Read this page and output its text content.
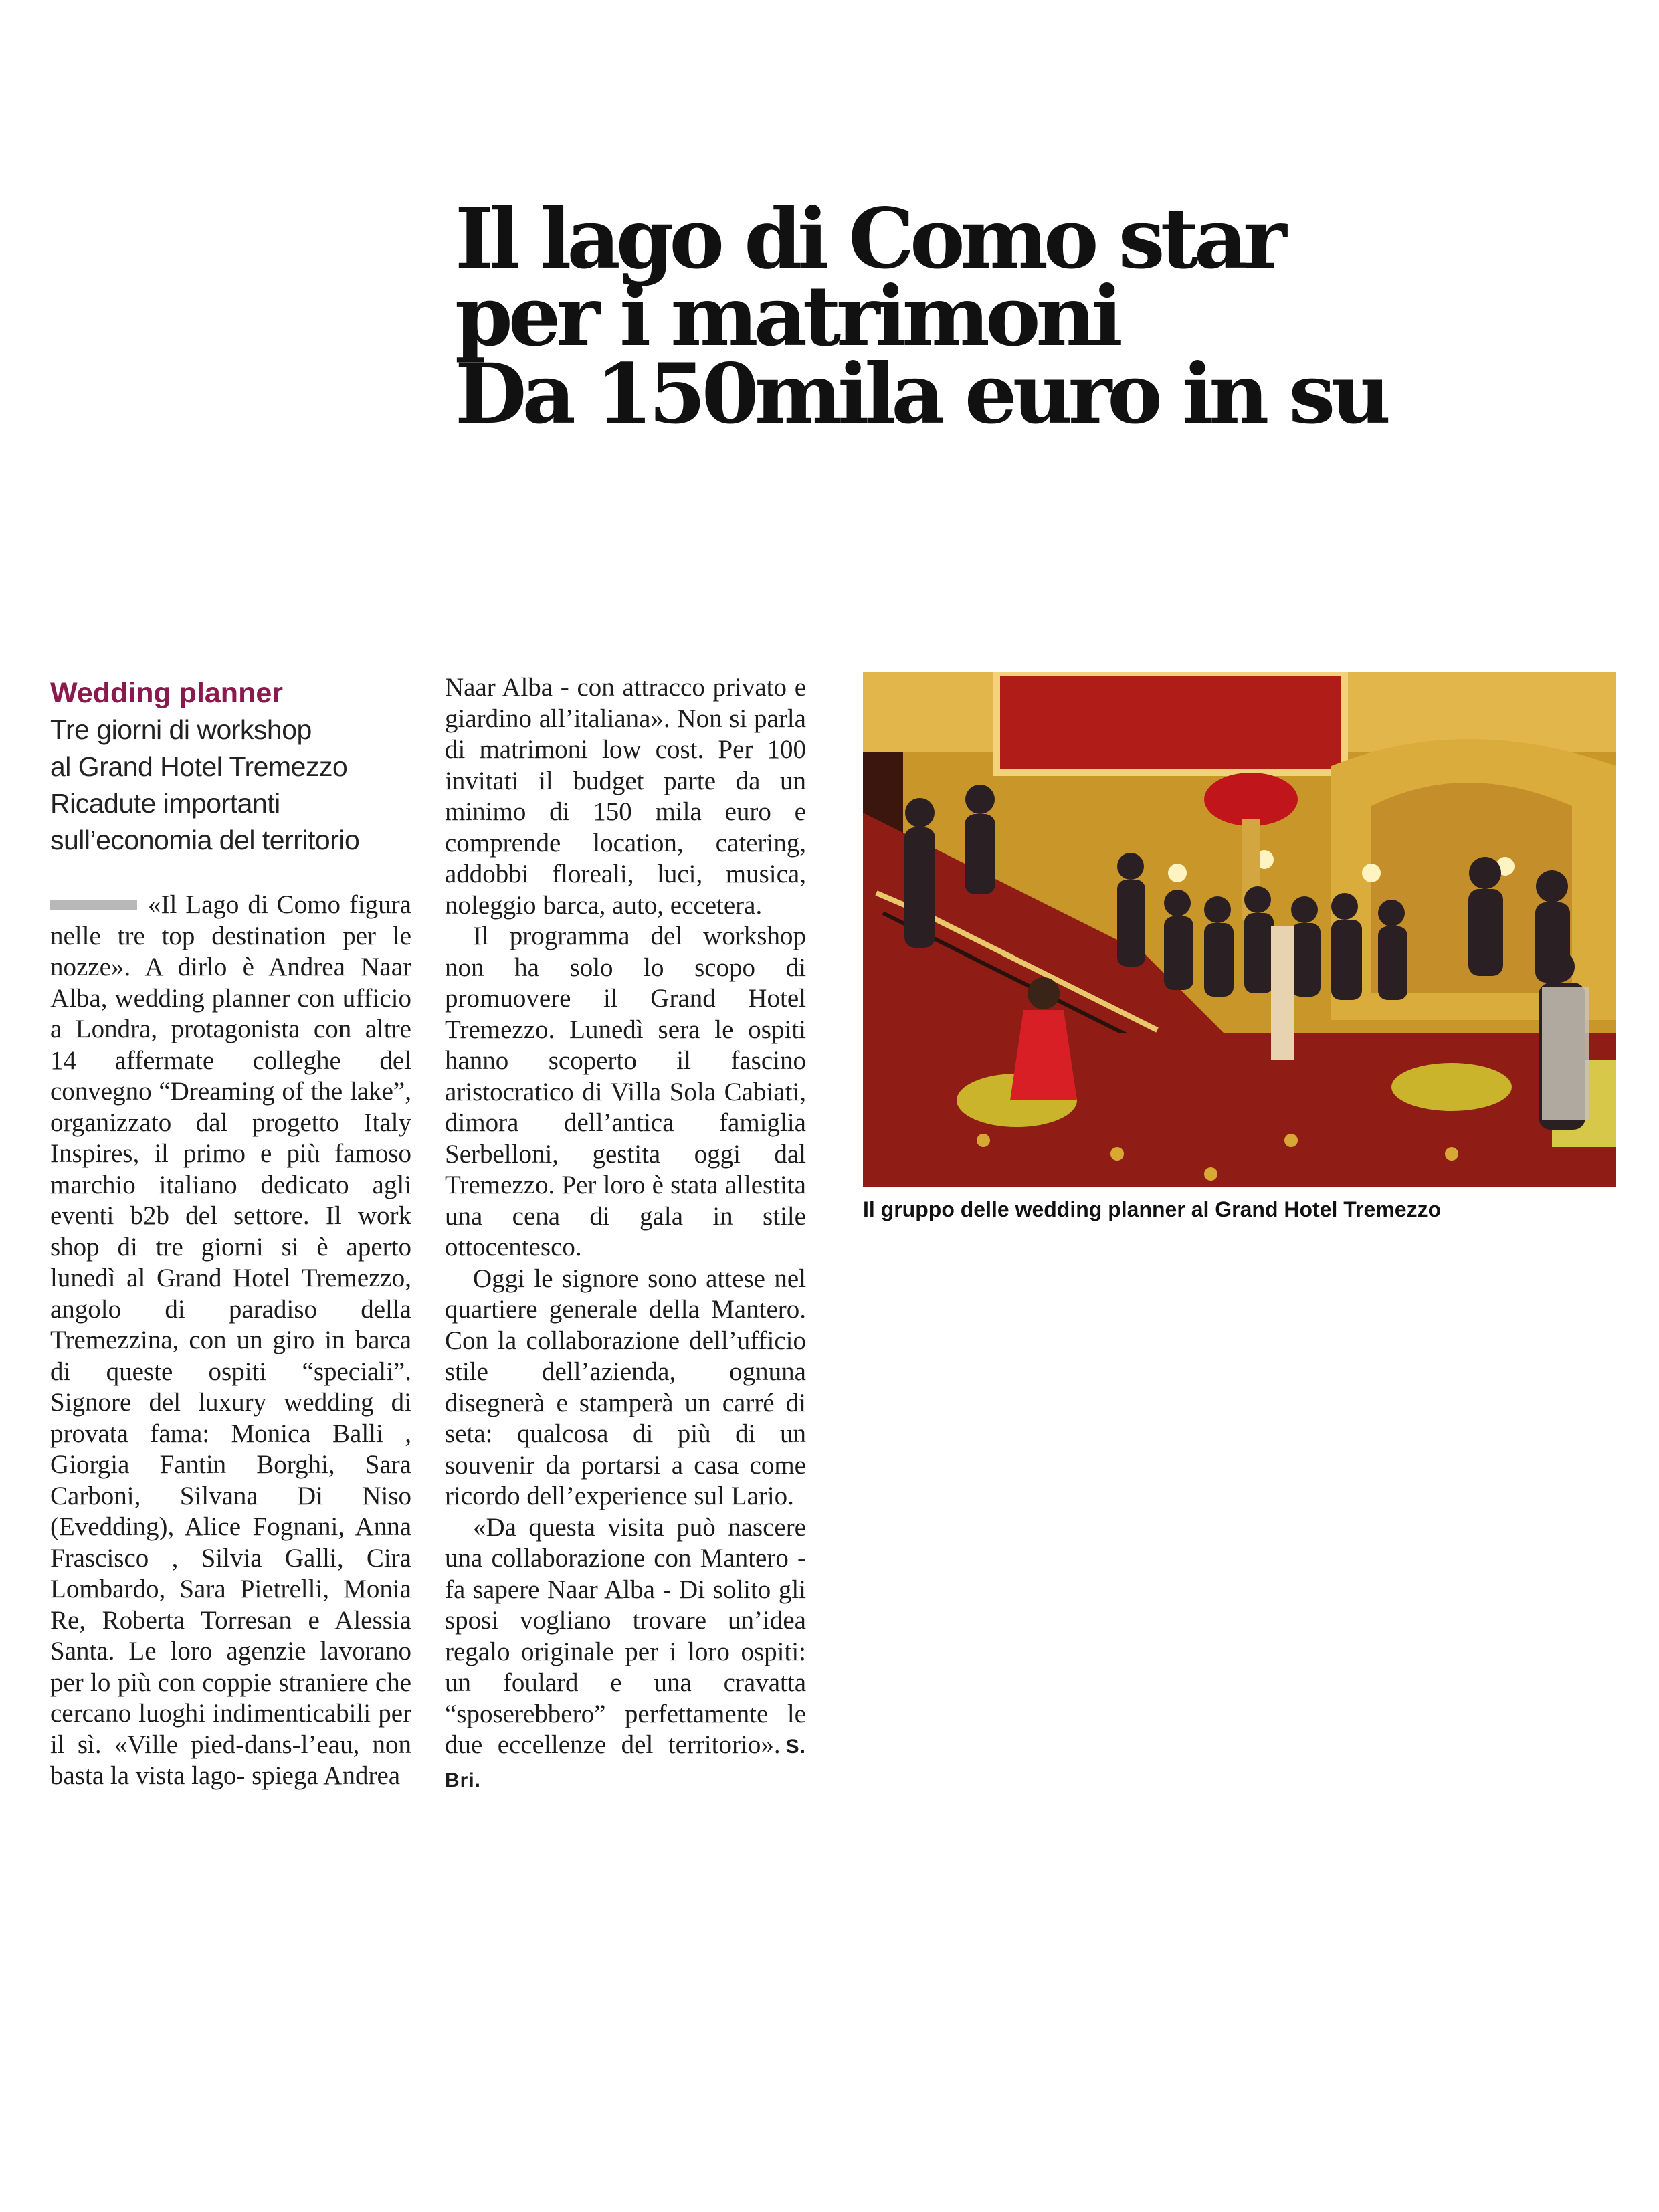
Il lago di Como star
per i matrimoni
Da 150mila euro in su
Wedding planner
Tre giorni di workshop
al Grand Hotel Tremezzo
Ricadute importanti
sull’economia del territorio

«Il Lago di Como figura nelle tre top destination per le nozze». A dirlo è Andrea Naar Alba, wedding planner con ufficio a Londra, protagonista con altre 14 affermate colleghe del convegno “Dreaming of the lake”, organizzato dal progetto Italy Inspires, il primo e più famoso marchio italiano dedicato agli eventi b2b del settore. Il work shop di tre giorni si è aperto lunedì al Grand Hotel Tremezzo, angolo di paradiso della Tremezzina, con un giro in barca di queste ospiti “speciali”. Signore del luxury wedding di provata fama: Monica Balli , Giorgia Fantin Borghi, Sara Carboni, Silvana Di Niso (Evedding), Alice Fognani, Anna Frascisco , Silvia Galli, Cira Lombardo, Sara Pietrelli, Monia Re, Roberta Torresan e Alessia Santa. Le loro agenzie lavorano per lo più con coppie straniere che cercano luoghi indimenticabili per il sì. «Ville pied-dans-l’eau, non basta la vista lago- spiega Andrea

Naar Alba - con attracco privato e giardino all’italiana». Non si parla di matrimoni low cost. Per 100 invitati il budget parte da un minimo di 150 mila euro e comprende location, catering, addobbi floreali, luci, musica, noleggio barca, auto, eccetera.

Il programma del workshop non ha solo lo scopo di promuovere il Grand Hotel Tremezzo. Lunedì sera le ospiti hanno scoperto il fascino aristocratico di Villa Sola Cabiati, dimora dell’antica famiglia Serbelloni, gestita oggi dal Tremezzo. Per loro è stata allestita una cena di gala in stile ottocentesco.

Oggi le signore sono attese nel quartiere generale della Mantero. Con la collaborazione dell’ufficio stile dell’azienda, ognuna disegnerà e stamperà un carré di seta: qualcosa di più di un souvenir da portarsi a casa come ricordo dell’experience sul Lario.

«Da questa visita può nascere una collaborazione con Mantero - fa sapere Naar Alba - Di solito gli sposi vogliano trovare un’idea regalo originale per i loro ospiti: un foulard e una cravatta “sposerebbero” perfettamente le due eccellenze del territorio». S. Bri.

Il gruppo delle wedding planner al Grand Hotel Tremezzo
